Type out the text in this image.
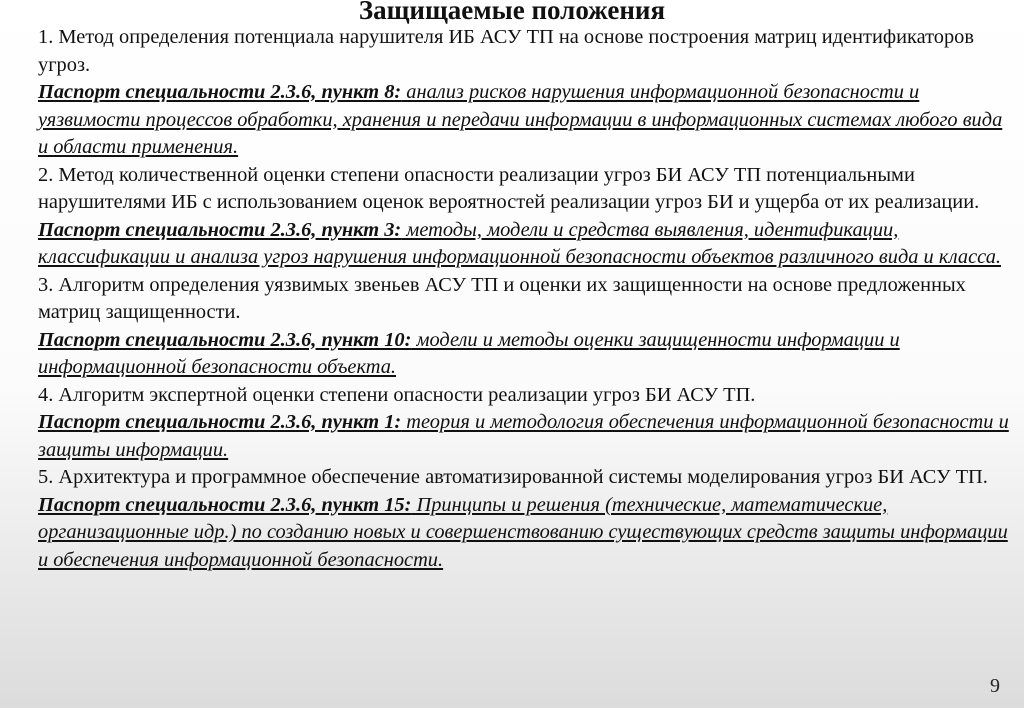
Защищаемые положения

1. Метод определения потенциала нарушителя ИБ АСУ ТП на основе построения матриц идентификаторов угроз.

Паспорт специальности 2.3.6, пункт 8: анализ рисков нарушения информационной безопасности и уязвимости процессов обработки, хранения и передачи информации в информационных системах любого вида и области применения.

2. Метод количественной оценки степени опасности реализации угроз БИ АСУ ТП потенциальными нарушителями ИБ с использованием оценок вероятностей реализации угроз БИ и ущерба от их реализации.

Паспорт специальности 2.3.6, пункт 3: методы, модели и средства выявления, идентификации, классификации и анализа угроз нарушения информационной безопасности объектов различного вида и класса.

3. Алгоритм определения уязвимых звеньев АСУ ТП и оценки их защищенности на основе предложенных матриц защищенности.

Паспорт специальности 2.3.6, пункт 10: модели и методы оценки защищенности информации и информационной безопасности объекта.

4. Алгоритм экспертной оценки степени опасности реализации угроз БИ АСУ ТП.

Паспорт специальности 2.3.6, пункт 1: теория и методология обеспечения информационной безопасности и защиты информации.

5. Архитектура и программное обеспечение автоматизированной системы моделирования угроз БИ АСУ ТП.

Паспорт специальности 2.3.6, пункт 15: Принципы и решения (технические, математические, организационные идр.) по созданию новых и совершенствованию существующих средств защиты информации и обеспечения информационной безопасности.

9
